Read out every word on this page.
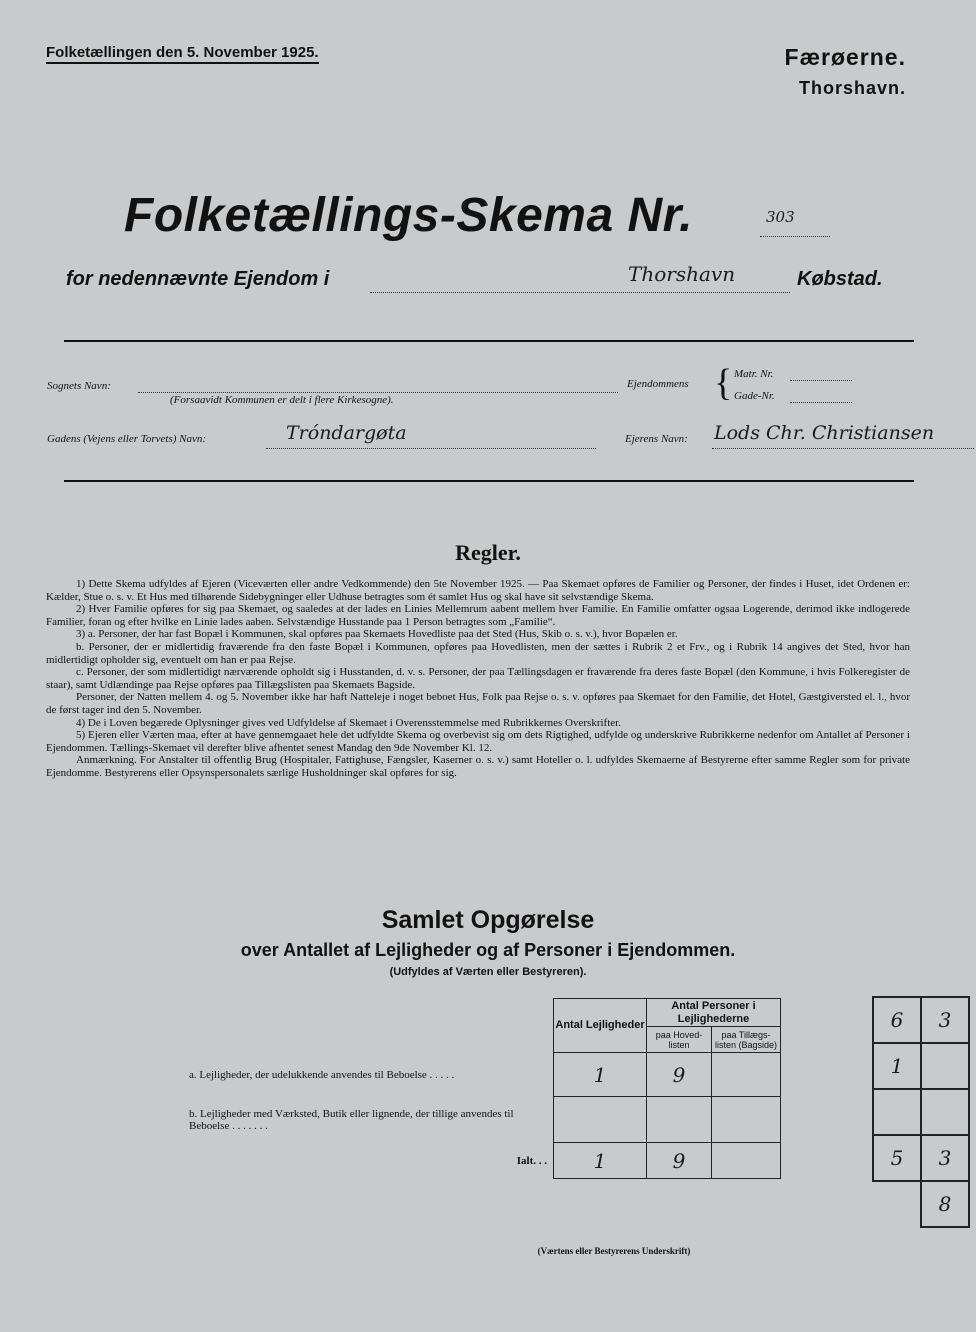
Folketællingen den 5. November 1925.	Færøerne.
Thorshavn.
Folketællings-Skema Nr.	303
for nedennævnte Ejendom i	Thorshavn	Købstad.
Sognets Navn:
(Forsaavidt Kommunen er delt i flere Kirkesogne).
Ejendommens { Matr. Nr.
Gade-Nr.
Gadens (Vejens eller Torvets) Navn:	Tróndargøta	Ejerens Navn: Lods Chr. Christiansen
Regler.

1) Dette Skema udfyldes af Ejeren (Viceværten eller andre Vedkommende) den 5te November 1925. — Paa Skemaet opføres de Familier og Personer, der findes i Huset, idet Ordenen er: Kælder, Stue o. s. v. Et Hus med tilhørende Sidebygninger eller Udhuse betragtes som ét samlet Hus og skal have sit selvstændige Skema.

2) Hver Familie opføres for sig paa Skemaet, og saaledes at der lades en Linies Mellemrum aabent mellem hver Familie. En Familie omfatter ogsaa Logerende, derimod ikke indlogerede Familier, foran og efter hvilke en Linie lades aaben. Selvstændige Husstande paa 1 Person betragtes som „Familie“.

3) a. Personer, der har fast Bopæl i Kommunen, skal opføres paa Skemaets Hovedliste paa det Sted (Hus, Skib o. s. v.), hvor Bopælen er.

b. Personer, der er midlertidig fraværende fra den faste Bopæl i Kommunen, opføres paa Hovedlisten, men der sættes i Rubrik 2 et Frv., og i Rubrik 14 angives det Sted, hvor han midlertidigt opholder sig, eventuelt om han er paa Rejse.

c. Personer, der som midlertidigt nærværende opholdt sig i Husstanden, d. v. s. Personer, der paa Tællingsdagen er fraværende fra deres faste Bopæl (den Kommune, i hvis Folkeregister de staar), samt Udlændinge paa Rejse opføres paa Tillægslisten paa Skemaets Bagside.

Personer, der Natten mellem 4. og 5. November ikke har haft Natteleje i noget beboet Hus, Folk paa Rejse o. s. v. opføres paa Skemaet for den Familie, det Hotel, Gæstgiversted el. l., hvor de først tager ind den 5. November.

4) De i Loven begærede Oplysninger gives ved Udfyldelse af Skemaet i Overensstemmelse med Rubrikkernes Overskrifter.

5) Ejeren eller Værten maa, efter at have gennemgaaet hele det udfyldte Skema og overbevist sig om dets Rigtighed, udfylde og underskrive Rubrikkerne nedenfor om Antallet af Personer i Ejendommen. Tællings-Skemaet vil derefter blive afhentet senest Mandag den 9de November Kl. 12.

Anmærkning. For Anstalter til offentlig Brug (Hospitaler, Fattighuse, Fængsler, Kaserner o. s. v.) samt Hoteller o. l. udfyldes Skemaerne af Bestyrerne efter samme Regler som for private Ejendomme. Bestyrerens eller Opsynspersonalets særlige Husholdninger skal opføres for sig.

Samlet Opgørelse
over Antallet af Lejligheder og af Personer i Ejendommen.
(Udfyldes af Værten eller Bestyreren).
	Antal Lejligheder	Antal Personer i Lejlighederne	
		paa Hoved-listen	paa Tillægs-listen (Bagside)
a. Lejligheder, der udelukkende anvendes til Beboelse . . . . .	1	9	
b. Lejligheder med Værksted, Butik eller lignende, der tillige anvendes til Beboelse . . . . . . .			
Ialt. . .	1	9	
6	3
1	

5	3
	8
(Værtens eller Bestyrerens Underskrift)
